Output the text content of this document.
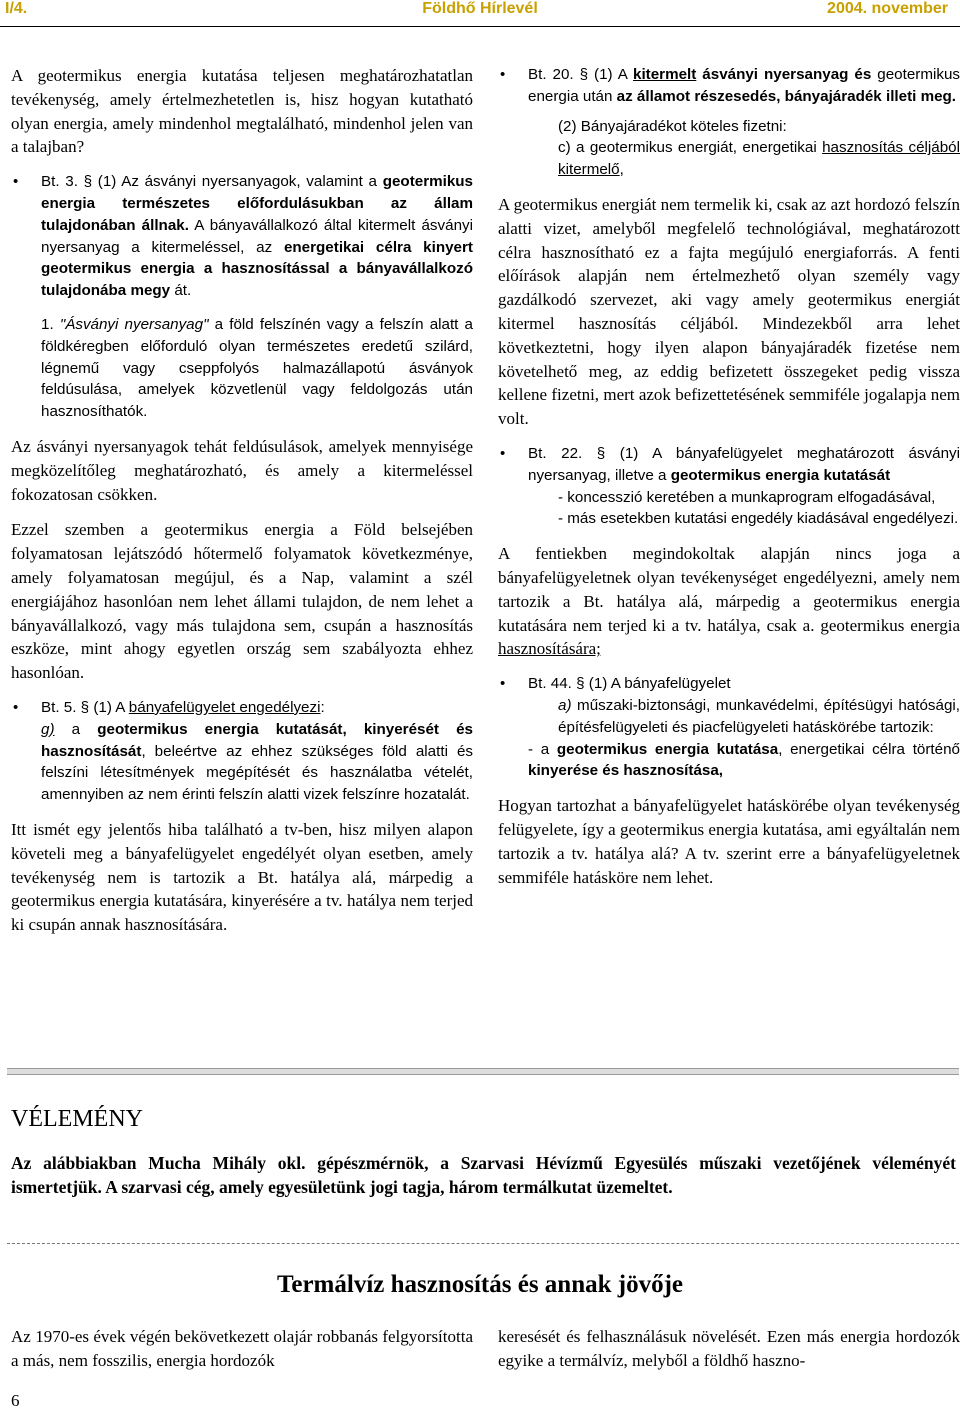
I/4.	Földhő Hírlevél	2004. november

A geotermikus energia kutatása teljesen meghatározhatatlan tevékenység, amely értelmezhetetlen is, hisz hogyan kutatható olyan energia, amely mindenhol megtalálható, mindenhol jelen van a talajban?

• Bt. 3. § (1) Az ásványi nyersanyagok, valamint a geotermikus energia természetes előfordulásukban az állam tulajdonában állnak. A bányavállalkozó által kitermelt ásványi nyersanyag a kitermeléssel, az energetikai célra kinyert geotermikus energia a hasznosítással a bányavállalkozó tulajdonába megy át.

1. "Ásványi nyersanyag" a föld felszínén vagy a felszín alatt a földkéregben előforduló olyan természetes eredetű szilárd, légnemű vagy cseppfolyós halmazállapotú ásványok feldúsulása, amelyek közvetlenül vagy feldolgozás után hasznosíthatók.

Az ásványi nyersanyagok tehát feldúsulások, amelyek mennyisége megközelítőleg meghatározható, és amely a kitermeléssel fokozatosan csökken.

Ezzel szemben a geotermikus energia a Föld belsejében folyamatosan lejátszódó hőtermelő folyamatok következménye, amely folyamatosan megújul, és a Nap, valamint a szél energiájához hasonlóan nem lehet állami tulajdon, de nem lehet a bányavállalkozó, vagy más tulajdona sem, csupán a hasznosítás eszköze, mint ahogy egyetlen ország sem szabályozta ehhez hasonlóan.

• Bt. 5. § (1) A bányafelügyelet engedélyezi:

g) a geotermikus energia kutatását, kinyerését és hasznosítását, beleértve az ehhez szükséges föld alatti és felszíni létesítmények megépítését és használatba vételét, amennyiben az nem érinti felszín alatti vizek felszínre hozatalát.

Itt ismét egy jelentős hiba található a tv-ben, hisz milyen alapon követeli meg a bányafelügyelet engedélyét olyan esetben, amely tevékenység nem is tartozik a Bt. hatálya alá, márpedig a geotermikus energia kutatására, kinyerésére a tv. hatálya nem terjed ki csupán annak hasznosítására.

• Bt. 20. § (1) A kitermelt ásványi nyersanyag és geotermikus energia után az államot részesedés, bányajáradék illeti meg.

(2) Bányajáradékot köteles fizetni:

c) a geotermikus energiát, energetikai hasznosítás céljából kitermelő,

A geotermikus energiát nem termelik ki, csak az azt hordozó felszín alatti vizet, amelyből megfelelő technológiával, meghatározott célra hasznosítható ez a fajta megújuló energiaforrás. A fenti előírások alapján nem értelmezhető olyan személy vagy gazdálkodó szervezet, aki vagy amely geotermikus energiát kitermel hasznosítás céljából. Mindezekből arra lehet következtetni, hogy ilyen alapon bányajáradék fizetése nem követelhető meg, az eddig befizetett összegeket pedig vissza kellene fizetni, mert azok befizettetésének semmiféle jogalapja nem volt.

• Bt. 22. § (1) A bányafelügyelet meghatározott ásványi nyersanyag, illetve a geotermikus energia kutatását

- koncesszió keretében a munkaprogram elfogadásával,

- más esetekben kutatási engedély kiadásával engedélyezi.

A fentiekben megindokoltak alapján nincs joga a bányafelügyeletnek olyan tevékenységet engedélyezni, amely nem tartozik a Bt. hatálya alá, márpedig a geotermikus energia kutatására nem terjed ki a tv. hatálya, csak a. geotermikus energia hasznosítására;

• Bt. 44. § (1) A bányafelügyelet

a) műszaki-biztonsági, munkavédelmi, építésügyi hatósági, építésfelügyeleti és piacfelügyeleti hatáskörébe tartozik:

- a geotermikus energia kutatása, energetikai célra történő kinyerése és hasznosítása,

Hogyan tartozhat a bányafelügyelet hatáskörébe olyan tevékenység felügyelete, így a geotermikus energia kutatása, ami egyáltalán nem tartozik a tv. hatálya alá? A tv. szerint erre a bányafelügyeletnek semmiféle hatásköre nem lehet.

VÉLEMÉNY

Az alábbiakban Mucha Mihály okl. gépészmérnök, a Szarvasi Hévízmű Egyesülés műszaki vezetőjének véleményét ismertetjük. A szarvasi cég, amely egyesületünk jogi tagja, három termálkutat üzemeltet.

Termálvíz hasznosítás és annak jövője

Az 1970-es évek végén bekövetkezett olajár robbanás felgyorsította a más, nem fosszilis, energia hordozók

keresését és felhasználásuk növelését. Ezen más energia hordozók egyike a termálvíz, melyből a földhő haszno-

6
